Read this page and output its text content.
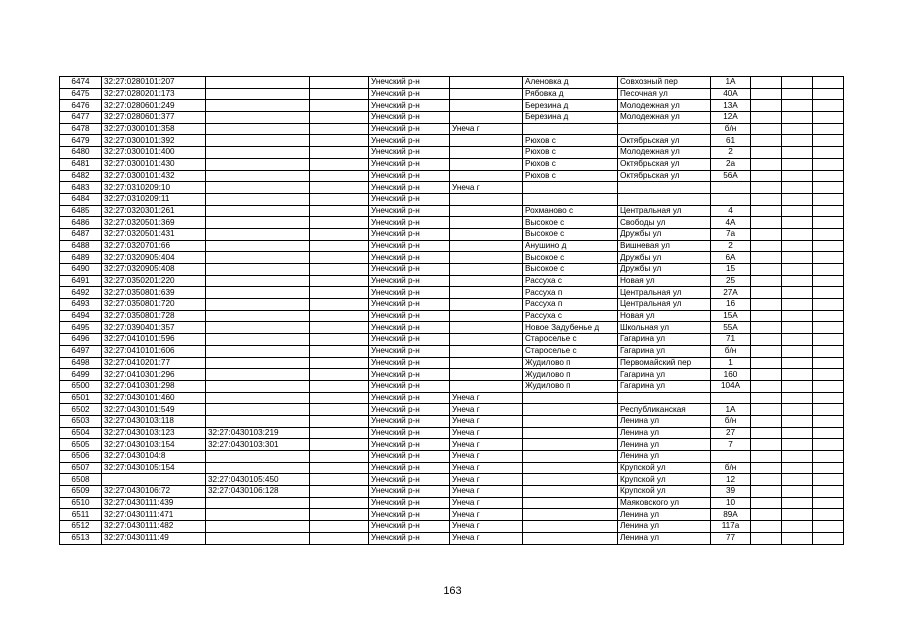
6474	32:27:0280101:207			Унечский р-н		Аленовка д	Совхозный пер	1А			
6475	32:27:0280201:173			Унечский р-н		Рябовка д	Песочная ул	40А			
6476	32:27:0280601:249			Унечский р-н		Березина д	Молодежная ул	13А			
6477	32:27:0280601:377			Унечский р-н		Березина д	Молодежная ул	12А			
6478	32:27:0300101:358			Унечский р-н	Унеча г			б/н			
6479	32:27:0300101:392			Унечский р-н		Рюхов с	Октябрьская ул	61			
6480	32:27:0300101:400			Унечский р-н		Рюхов с	Молодежная ул	2			
6481	32:27:0300101:430			Унечский р-н		Рюхов с	Октябрьская ул	2а			
6482	32:27:0300101:432			Унечский р-н		Рюхов с	Октябрьская ул	56А			
6483	32:27:0310209:10			Унечский р-н	Унеча г						
6484	32:27:0310209:11			Унечский р-н							
6485	32:27:0320301:261			Унечский р-н		Рохманово с	Центральная ул	4			
6486	32:27:0320501:369			Унечский р-н		Высокое с	Свободы ул	4А			
6487	32:27:0320501:431			Унечский р-н		Высокое с	Дружбы ул	7а			
6488	32:27:0320701:66			Унечский р-н		Анушино д	Вишневая ул	2			
6489	32:27:0320905:404			Унечский р-н		Высокое с	Дружбы ул	6А			
6490	32:27:0320905:408			Унечский р-н		Высокое с	Дружбы ул	15			
6491	32:27:0350201:220			Унечский р-н		Рассуха с	Новая ул	25			
6492	32:27:0350801:639			Унечский р-н		Рассуха п	Центральная ул	27А			
6493	32:27:0350801:720			Унечский р-н		Рассуха п	Центральная ул	16			
6494	32:27:0350801:728			Унечский р-н		Рассуха с	Новая ул	15А			
6495	32:27:0390401:357			Унечский р-н		Новое Задубенье д	Школьная ул	55А			
6496	32:27:0410101:596			Унечский р-н		Староселье с	Гагарина ул	71			
6497	32:27:0410101:606			Унечский р-н		Староселье с	Гагарина ул	б/н			
6498	32:27:0410201:77			Унечский р-н		Жудилово п	Первомайский пер	1			
6499	32:27:0410301:296			Унечский р-н		Жудилово п	Гагарина ул	160			
6500	32:27:0410301:298			Унечский р-н		Жудилово п	Гагарина ул	104А			
6501	32:27:0430101:460			Унечский р-н	Унеча г						
6502	32:27:0430101:549			Унечский р-н	Унеча г		Республиканская	1А			
6503	32:27:0430103:118			Унечский р-н	Унеча г		Ленина ул	б/н			
6504	32:27:0430103:123	32:27:0430103:219		Унечский р-н	Унеча г		Ленина ул	27			
6505	32:27:0430103:154	32:27:0430103:301		Унечский р-н	Унеча г		Ленина ул	7			
6506	32:27:0430104:8			Унечский р-н	Унеча г		Ленина ул				
6507	32:27:0430105:154			Унечский р-н	Унеча г		Крупской ул	б/н			
6508		32:27:0430105:450		Унечский р-н	Унеча г		Крупской ул	12			
6509	32:27:0430106:72	32:27:0430106:128		Унечский р-н	Унеча г		Крупской ул	39			
6510	32:27:0430111:439			Унечский р-н	Унеча г		Маяковского ул	10			
6511	32:27:0430111:471			Унечский р-н	Унеча г		Ленина ул	89А			
6512	32:27:0430111:482			Унечский р-н	Унеча г		Ленина ул	117а			
6513	32:27:0430111:49			Унечский р-н	Унеча г		Ленина ул	77			
163
